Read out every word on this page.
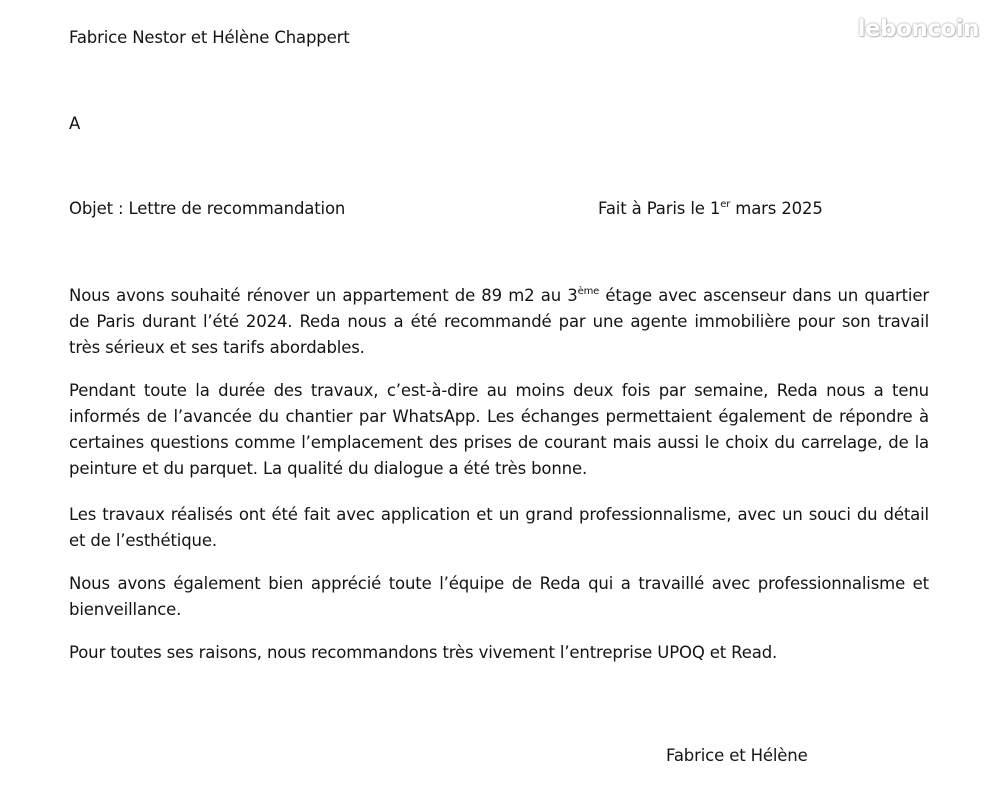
leboncoin
Fabrice Nestor et Hélène Chappert
A
Objet : Lettre de recommandation	Fait à Paris le 1er mars 2025
Nous avons souhaité rénover un appartement de 89 m2 au 3ème étage avec ascenseur dans un quartier de Paris durant l’été 2024. Reda nous a été recommandé par une agente immobilière pour son travail très sérieux et ses tarifs abordables.
Pendant toute la durée des travaux, c’est-à-dire au moins deux fois par semaine, Reda nous a tenu informés de l’avancée du chantier par WhatsApp. Les échanges permettaient également de répondre à certaines questions comme l’emplacement des prises de courant mais aussi le choix du carrelage, de la peinture et du parquet. La qualité du dialogue a été très bonne.
Les travaux réalisés ont été fait avec application et un grand professionnalisme, avec un souci du détail et de l’esthétique.
Nous avons également bien apprécié toute l’équipe de Reda qui a travaillé avec professionnalisme et bienveillance.
Pour toutes ses raisons, nous recommandons très vivement l’entreprise UPOQ et Read.
Fabrice et Hélène
